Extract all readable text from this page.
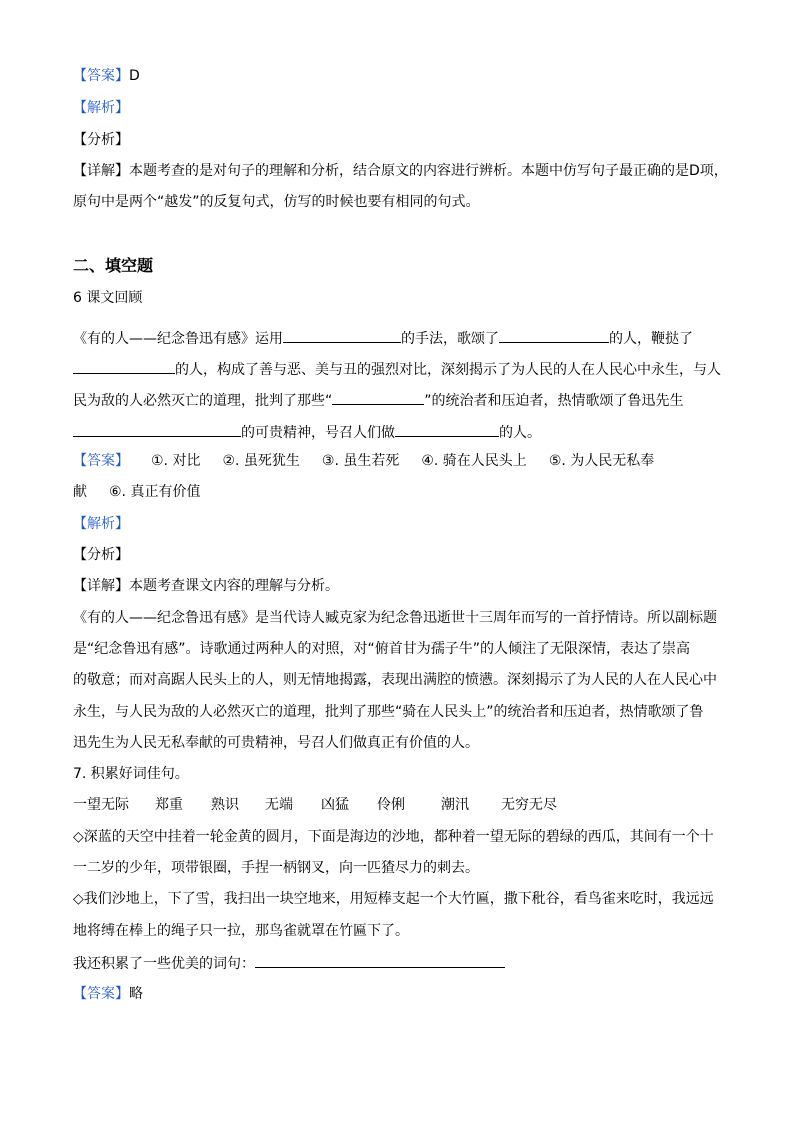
【答案】D
【解析】
【分析】
【详解】本题考查的是对句子的理解和分析，结合原文的内容进行辨析。本题中仿写句子最正确的是D项，
原句中是两个“越发”的反复句式，仿写的时候也要有相同的句式。
二、填空题
6 课文回顾
《有的人——纪念鲁迅有感》运用	的手法，歌颂了	的人，鞭挞了
的人，构成了善与恶、美与丑的强烈对比，深刻揭示了为人民的人在人民心中永生，与人
民为敌的人必然灭亡的道理，批判了那些“	”的统治者和压迫者，热情歌颂了鲁迅先生
的可贵精神，号召人们做	的人。
【答案】 ①. 对比 ②. 虽死犹生 ③. 虽生若死 ④. 骑在人民头上 ⑤. 为人民无私奉
献 ⑥. 真正有价值
【解析】
【分析】
【详解】本题考查课文内容的理解与分析。
《有的人——纪念鲁迅有感》是当代诗人臧克家为纪念鲁迅逝世十三周年而写的一首抒情诗。所以副标题
是“纪念鲁迅有感”。诗歌通过两种人的对照，对“俯首甘为孺子牛”的人倾注了无限深情，表达了崇高
的敬意；而对高踞人民头上的人，则无情地揭露，表现出满腔的愤懑。深刻揭示了为人民的人在人民心中
永生，与人民为敌的人必然灭亡的道理，批判了那些“骑在人民头上”的统治者和压迫者，热情歌颂了鲁
迅先生为人民无私奉献的可贵精神，号召人们做真正有价值的人。
7. 积累好词佳句。
一望无际 郑重 熟识 无端 凶猛 伶俐	潮汛 无穷无尽
◇深蓝的天空中挂着一轮金黄的圆月，下面是海边的沙地，都种着一望无际的碧绿的西瓜，其间有一个十
一二岁的少年，项带银圈，手捏一柄钢叉，向一匹猹尽力的刺去。
◇我们沙地上，下了雪，我扫出一块空地来，用短棒支起一个大竹匾，撒下秕谷，看鸟雀来吃时，我远远
地将缚在棒上的绳子只一拉，那鸟雀就罩在竹匾下了。
我还积累了一些优美的词句：
【答案】略
